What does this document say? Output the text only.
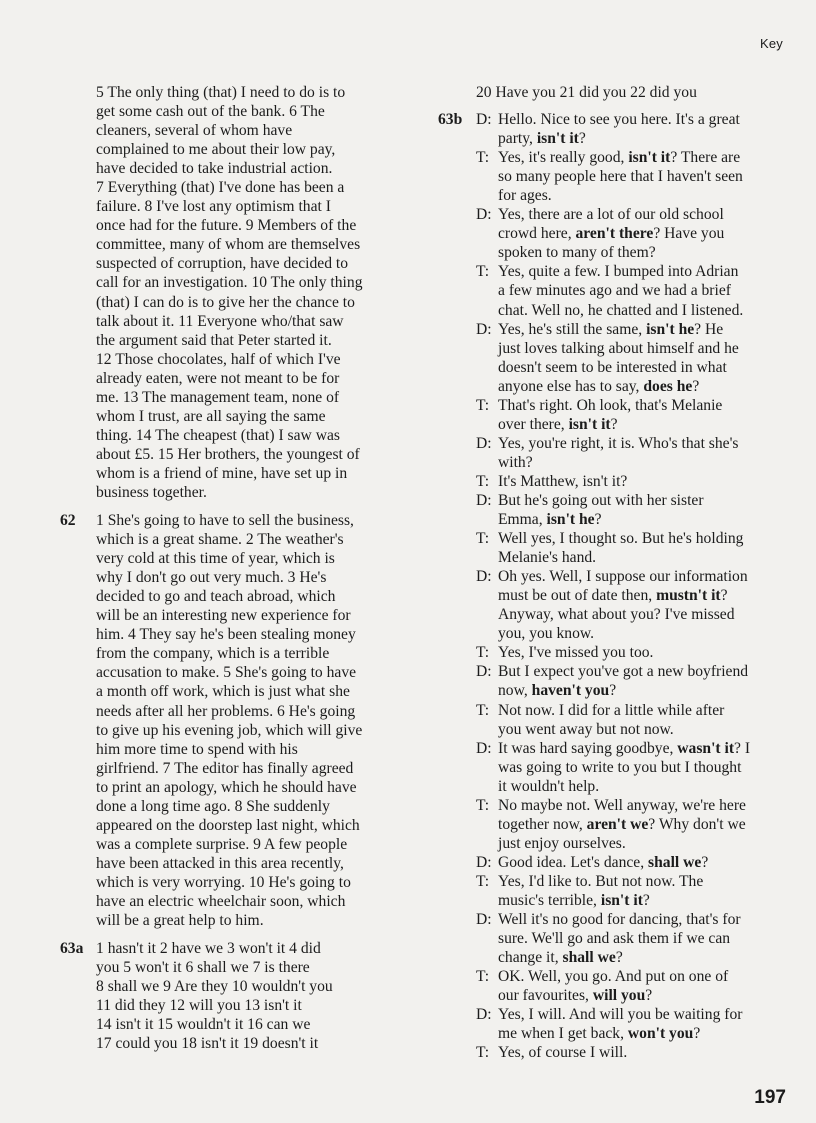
Key
5 The only thing (that) I need to do is to
get some cash out of the bank. 6 The
cleaners, several of whom have
complained to me about their low pay,
have decided to take industrial action.
7 Everything (that) I've done has been a
failure. 8 I've lost any optimism that I
once had for the future. 9 Members of the
committee, many of whom are themselves
suspected of corruption, have decided to
call for an investigation. 10 The only thing
(that) I can do is to give her the chance to
talk about it. 11 Everyone who/that saw
the argument said that Peter started it.
12 Those chocolates, half of which I've
already eaten, were not meant to be for
me. 13 The management team, none of
whom I trust, are all saying the same
thing. 14 The cheapest (that) I saw was
about £5. 15 Her brothers, the youngest of
whom is a friend of mine, have set up in
business together.
62 1 She's going to have to sell the business,
which is a great shame. 2 The weather's
very cold at this time of year, which is
why I don't go out very much. 3 He's
decided to go and teach abroad, which
will be an interesting new experience for
him. 4 They say he's been stealing money
from the company, which is a terrible
accusation to make. 5 She's going to have
a month off work, which is just what she
needs after all her problems. 6 He's going
to give up his evening job, which will give
him more time to spend with his
girlfriend. 7 The editor has finally agreed
to print an apology, which he should have
done a long time ago. 8 She suddenly
appeared on the doorstep last night, which
was a complete surprise. 9 A few people
have been attacked in this area recently,
which is very worrying. 10 He's going to
have an electric wheelchair soon, which
will be a great help to him.
63a 1 hasn't it 2 have we 3 won't it 4 did
you 5 won't it 6 shall we 7 is there
8 shall we 9 Are they 10 wouldn't you
11 did they 12 will you 13 isn't it
14 isn't it 15 wouldn't it 16 can we
17 could you 18 isn't it 19 doesn't it
20 Have you 21 did you 22 did you
63b D: Hello. Nice to see you here. It's a great
party, isn't it?
T: Yes, it's really good, isn't it? There are
so many people here that I haven't seen
for ages.
D: Yes, there are a lot of our old school
crowd here, aren't there? Have you
spoken to many of them?
T: Yes, quite a few. I bumped into Adrian
a few minutes ago and we had a brief
chat. Well no, he chatted and I listened.
D: Yes, he's still the same, isn't he? He
just loves talking about himself and he
doesn't seem to be interested in what
anyone else has to say, does he?
T: That's right. Oh look, that's Melanie
over there, isn't it?
D: Yes, you're right, it is. Who's that she's
with?
T: It's Matthew, isn't it?
D: But he's going out with her sister
Emma, isn't he?
T: Well yes, I thought so. But he's holding
Melanie's hand.
D: Oh yes. Well, I suppose our information
must be out of date then, mustn't it?
Anyway, what about you? I've missed
you, you know.
T: Yes, I've missed you too.
D: But I expect you've got a new boyfriend
now, haven't you?
T: Not now. I did for a little while after
you went away but not now.
D: It was hard saying goodbye, wasn't it? I
was going to write to you but I thought
it wouldn't help.
T: No maybe not. Well anyway, we're here
together now, aren't we? Why don't we
just enjoy ourselves.
D: Good idea. Let's dance, shall we?
T: Yes, I'd like to. But not now. The
music's terrible, isn't it?
D: Well it's no good for dancing, that's for
sure. We'll go and ask them if we can
change it, shall we?
T: OK. Well, you go. And put on one of
our favourites, will you?
D: Yes, I will. And will you be waiting for
me when I get back, won't you?
T: Yes, of course I will.
197
